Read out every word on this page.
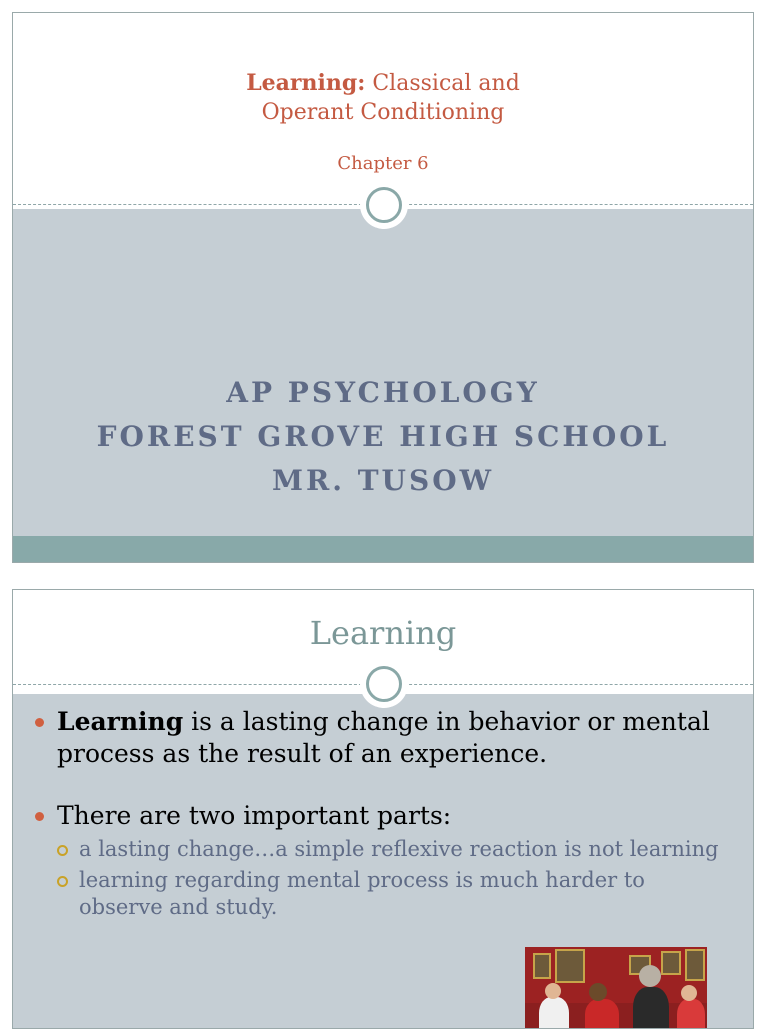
Learning: Classical and
Operant Conditioning
Chapter 6
AP PSYCHOLOGY
FOREST GROVE HIGH SCHOOL
MR. TUSOW
Learning
Learning is a lasting change in behavior or mental process as the result of an experience.
There are two important parts:
a lasting change…a simple reflexive reaction is not learning
learning regarding mental process is much harder to observe and study.
